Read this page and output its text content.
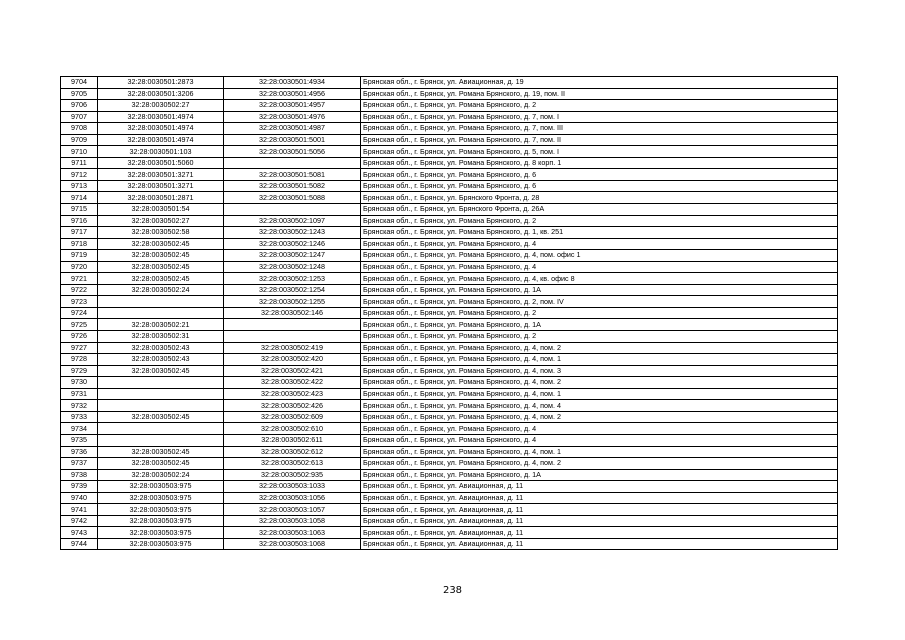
9704	32:28:0030501:2873	32:28:0030501:4934	Брянская обл., г. Брянск, ул. Авиационная, д. 19
9705	32:28:0030501:3206	32:28:0030501:4956	Брянская обл., г. Брянск, ул. Романа Брянского, д. 19, пом. II
9706	32:28:0030502:27	32:28:0030501:4957	Брянская обл., г. Брянск, ул. Романа Брянского, д. 2
9707	32:28:0030501:4974	32:28:0030501:4976	Брянская обл., г. Брянск, ул. Романа Брянского, д. 7, пом. I
9708	32:28:0030501:4974	32:28:0030501:4987	Брянская обл., г. Брянск, ул. Романа Брянского, д. 7, пом. III
9709	32:28:0030501:4974	32:28:0030501:5001	Брянская обл., г. Брянск, ул. Романа Брянского, д. 7, пом. II
9710	32:28:0030501:103	32:28:0030501:5056	Брянская обл., г. Брянск, ул. Романа Брянского, д. 5, пом. I
9711	32:28:0030501:5060		Брянская обл., г. Брянск, ул. Романа Брянского, д. 8 корп. 1
9712	32:28:0030501:3271	32:28:0030501:5081	Брянская обл., г. Брянск, ул. Романа Брянского, д. 6
9713	32:28:0030501:3271	32:28:0030501:5082	Брянская обл., г. Брянск, ул. Романа Брянского, д. 6
9714	32:28:0030501:2871	32:28:0030501:5088	Брянская обл., г. Брянск, ул. Брянского Фронта, д. 28
9715	32:28:0030501:54		Брянская обл., г. Брянск, ул. Брянского Фронта, д. 26А
9716	32:28:0030502:27	32:28:0030502:1097	Брянская обл., г. Брянск, ул. Романа Брянского, д. 2
9717	32:28:0030502:58	32:28:0030502:1243	Брянская обл., г. Брянск, ул. Романа Брянского, д. 1, кв. 251
9718	32:28:0030502:45	32:28:0030502:1246	Брянская обл., г. Брянск, ул. Романа Брянского, д. 4
9719	32:28:0030502:45	32:28:0030502:1247	Брянская обл., г. Брянск, ул. Романа Брянского, д. 4, пом. офис 1
9720	32:28:0030502:45	32:28:0030502:1248	Брянская обл., г. Брянск, ул. Романа Брянского, д. 4
9721	32:28:0030502:45	32:28:0030502:1253	Брянская обл., г. Брянск, ул. Романа Брянского, д. 4, кв. офис 8
9722	32:28:0030502:24	32:28:0030502:1254	Брянская обл., г. Брянск, ул. Романа Брянского, д. 1А
9723		32:28:0030502:1255	Брянская обл., г. Брянск, ул. Романа Брянского, д. 2, пом. IV
9724		32:28:0030502:146	Брянская обл., г. Брянск, ул. Романа Брянского, д. 2
9725	32:28:0030502:21		Брянская обл., г. Брянск, ул. Романа Брянского, д. 1А
9726	32:28:0030502:31		Брянская обл., г. Брянск, ул. Романа Брянского, д. 2
9727	32:28:0030502:43	32:28:0030502:419	Брянская обл., г. Брянск, ул. Романа Брянского, д. 4, пом. 2
9728	32:28:0030502:43	32:28:0030502:420	Брянская обл., г. Брянск, ул. Романа Брянского, д. 4, пом. 1
9729	32:28:0030502:45	32:28:0030502:421	Брянская обл., г. Брянск, ул. Романа Брянского, д. 4, пом. 3
9730		32:28:0030502:422	Брянская обл., г. Брянск, ул. Романа Брянского, д. 4, пом. 2
9731		32:28:0030502:423	Брянская обл., г. Брянск, ул. Романа Брянского, д. 4, пом. 1
9732		32:28:0030502:426	Брянская обл., г. Брянск, ул. Романа Брянского, д. 4, пом. 4
9733	32:28:0030502:45	32:28:0030502:609	Брянская обл., г. Брянск, ул. Романа Брянского, д. 4, пом. 2
9734		32:28:0030502:610	Брянская обл., г. Брянск, ул. Романа Брянского, д. 4
9735		32:28:0030502:611	Брянская обл., г. Брянск, ул. Романа Брянского, д. 4
9736	32:28:0030502:45	32:28:0030502:612	Брянская обл., г. Брянск, ул. Романа Брянского, д. 4, пом. 1
9737	32:28:0030502:45	32:28:0030502:613	Брянская обл., г. Брянск, ул. Романа Брянского, д. 4, пом. 2
9738	32:28:0030502:24	32:28:0030502:935	Брянская обл., г. Брянск, ул. Романа Брянского, д. 1А
9739	32:28:0030503:975	32:28:0030503:1033	Брянская обл., г. Брянск, ул. Авиационная, д. 11
9740	32:28:0030503:975	32:28:0030503:1056	Брянская обл., г. Брянск, ул. Авиационная, д. 11
9741	32:28:0030503:975	32:28:0030503:1057	Брянская обл., г. Брянск, ул. Авиационная, д. 11
9742	32:28:0030503:975	32:28:0030503:1058	Брянская обл., г. Брянск, ул. Авиационная, д. 11
9743	32:28:0030503:975	32:28:0030503:1063	Брянская обл., г. Брянск, ул. Авиационная, д. 11
9744	32:28:0030503:975	32:28:0030503:1068	Брянская обл., г. Брянск, ул. Авиационная, д. 11
238
